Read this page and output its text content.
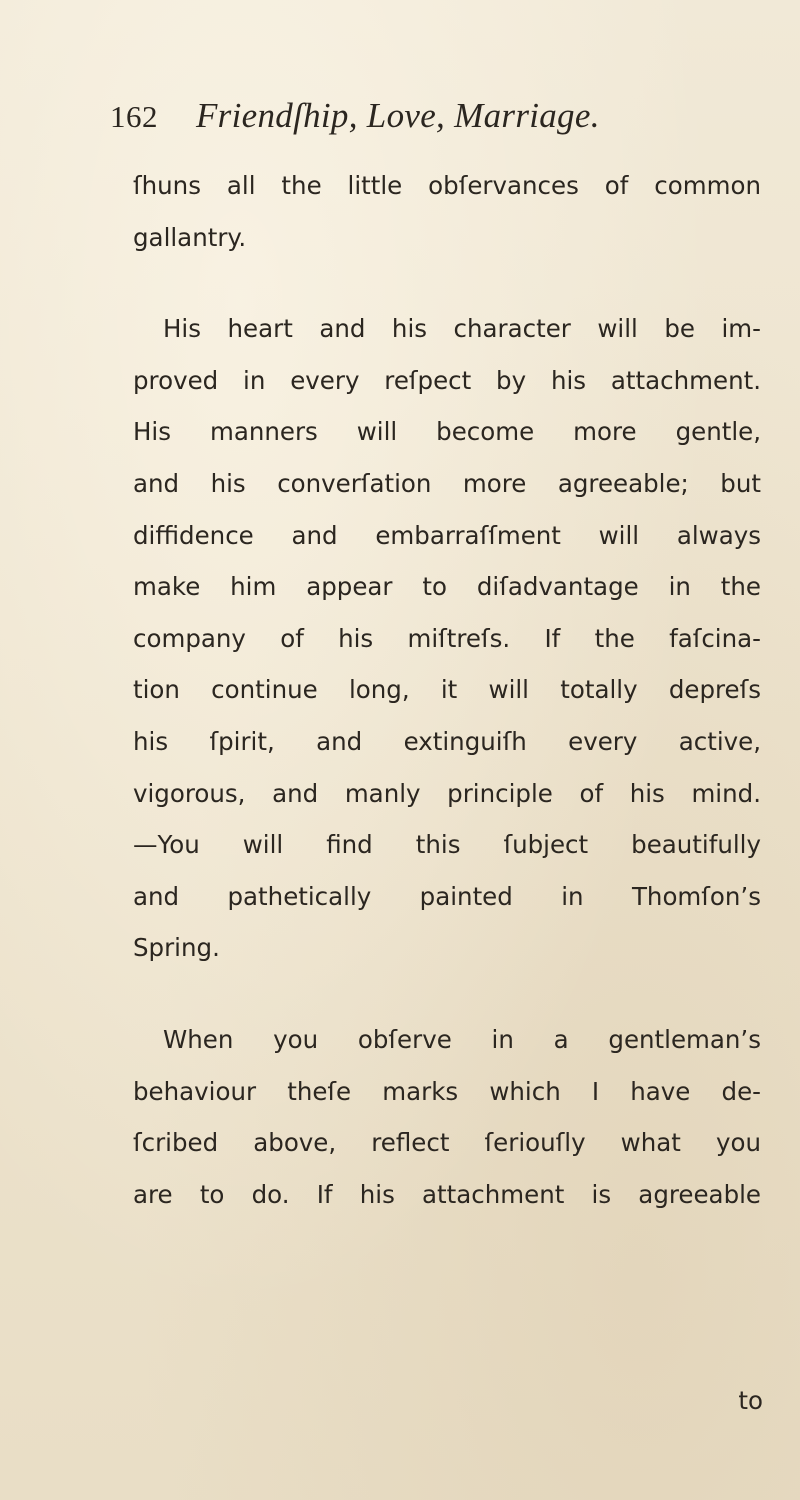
162 Friendſhip, Love, Marriage.
ſhuns all the little obſervances of common
gallantry.
His heart and his character will be im-
proved in every reſpect by his attachment.
His manners will become more gentle,
and his converſation more agreeable; but
diffidence and embarraſſment will always
make him appear to diſadvantage in the
company of his miſtreſs. If the faſcina-
tion continue long, it will totally depreſs
his ſpirit, and extinguiſh every active,
vigorous, and manly principle of his mind.
—You will find this ſubject beautifully
and pathetically painted in Thomſon’s
Spring.
When you obſerve in a gentleman’s
behaviour theſe marks which I have de-
ſcribed above, reflect ſeriouſly what you
are to do. If his attachment is agreeable
to
